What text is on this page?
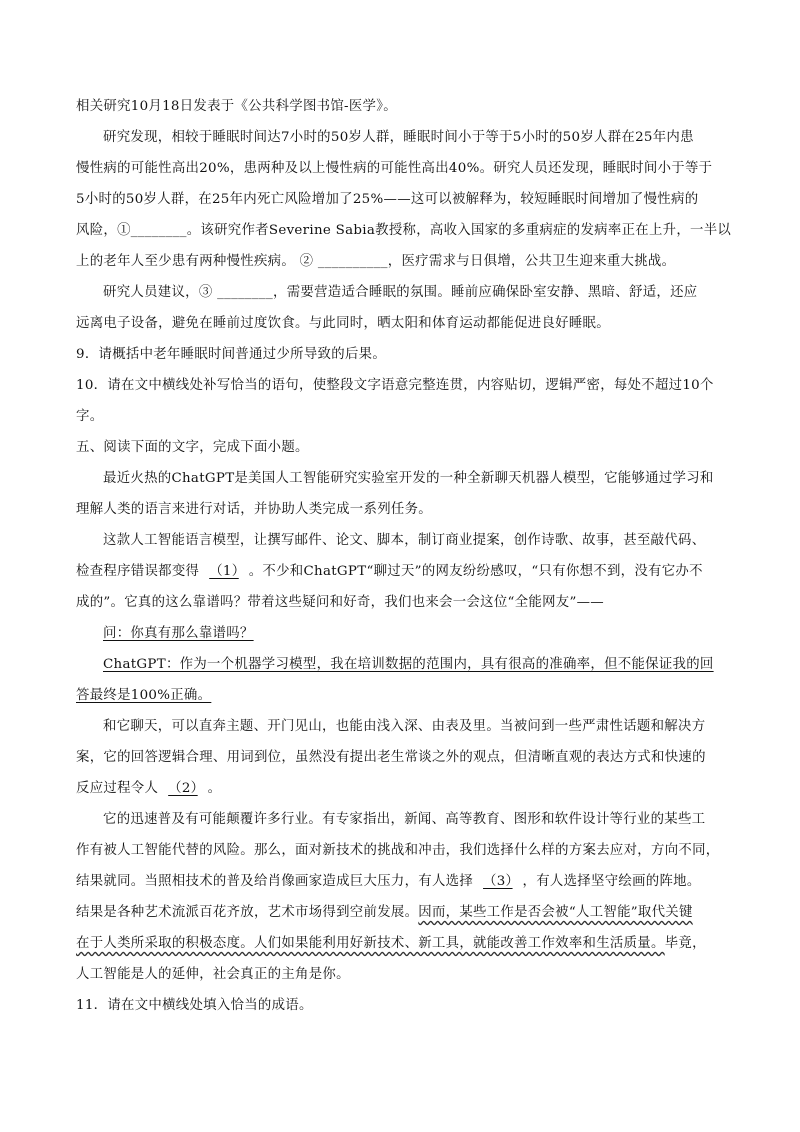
相关研究10月18日发表于《公共科学图书馆-医学》。
研究发现，相较于睡眠时间达7小时的50岁人群，睡眠时间小于等于5小时的50岁人群在25年内患
慢性病的可能性高出20%，患两种及以上慢性病的可能性高出40%。研究人员还发现，睡眠时间小于等于
5小时的50岁人群，在25年内死亡风险增加了25%——这可以被解释为，较短睡眠时间增加了慢性病的
风险，①________。该研究作者Severine Sabia教授称，高收入国家的多重病症的发病率正在上升，一半以
上的老年人至少患有两种慢性疾病。 ② __________，医疗需求与日俱增，公共卫生迎来重大挑战。
研究人员建议，③ ________，需要营造适合睡眠的氛围。睡前应确保卧室安静、黑暗、舒适，还应
远离电子设备，避免在睡前过度饮食。与此同时，晒太阳和体育运动都能促进良好睡眠。
9．请概括中老年睡眠时间普通过少所导致的后果。
10．请在文中横线处补写恰当的语句，使整段文字语意完整连贯，内容贴切，逻辑严密，每处不超过10个
字。
五、阅读下面的文字，完成下面小题。
最近火热的ChatGPT是美国人工智能研究实验室开发的一种全新聊天机器人模型，它能够通过学习和
理解人类的语言来进行对话，并协助人类完成一系列任务。
这款人工智能语言模型，让撰写邮件、论文、脚本，制订商业提案，创作诗歌、故事，甚至敲代码、
检查程序错误都变得 （1） 。不少和ChatGPT“聊过天”的网友纷纷感叹，“只有你想不到，没有它办不
成的”。它真的这么靠谱吗？带着这些疑问和好奇，我们也来会一会这位“全能网友”——
问：你真有那么靠谱吗？
ChatGPT：作为一个机器学习模型，我在培训数据的范围内，具有很高的准确率，但不能保证我的回
答最终是100%正确。
和它聊天，可以直奔主题、开门见山，也能由浅入深、由表及里。当被问到一些严肃性话题和解决方
案，它的回答逻辑合理、用词到位，虽然没有提出老生常谈之外的观点，但清晰直观的表达方式和快速的
反应过程令人 （2） 。
它的迅速普及有可能颠覆许多行业。有专家指出，新闻、高等教育、图形和软件设计等行业的某些工
作有被人工智能代替的风险。那么，面对新技术的挑战和冲击，我们选择什么样的方案去应对，方向不同，
结果就同。当照相技术的普及给肖像画家造成巨大压力，有人选择 （3） ，有人选择坚守绘画的阵地。
结果是各种艺术流派百花齐放，艺术市场得到空前发展。因而，某些工作是否会被“人工智能”取代关键
在于人类所采取的积极态度。人们如果能利用好新技术、新工具，就能改善工作效率和生活质量。毕竟，
人工智能是人的延伸，社会真正的主角是你。
11．请在文中横线处填入恰当的成语。
